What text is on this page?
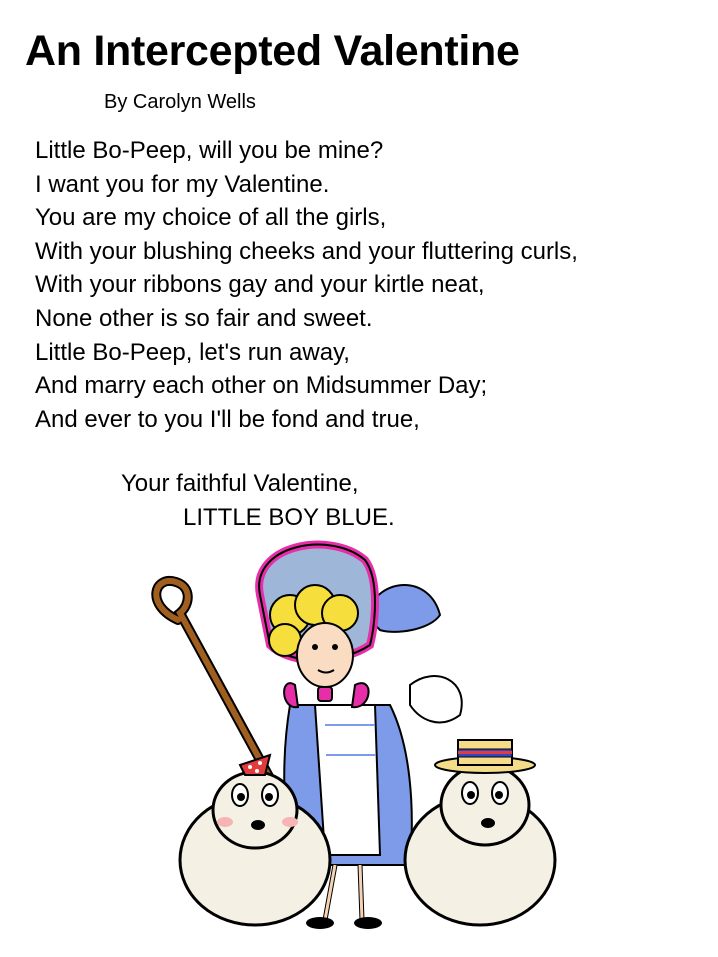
An Intercepted Valentine
By Carolyn Wells
Little Bo-Peep, will you be mine?
I want you for my Valentine.
You are my choice of all the girls,
With your blushing cheeks and your fluttering curls,
With your ribbons gay and your kirtle neat,
None other is so fair and sweet.
Little Bo-Peep, let's run away,
And marry each other on Midsummer Day;
And ever to you I'll be fond and true,
Your faithful Valentine,
LITTLE BOY BLUE.
